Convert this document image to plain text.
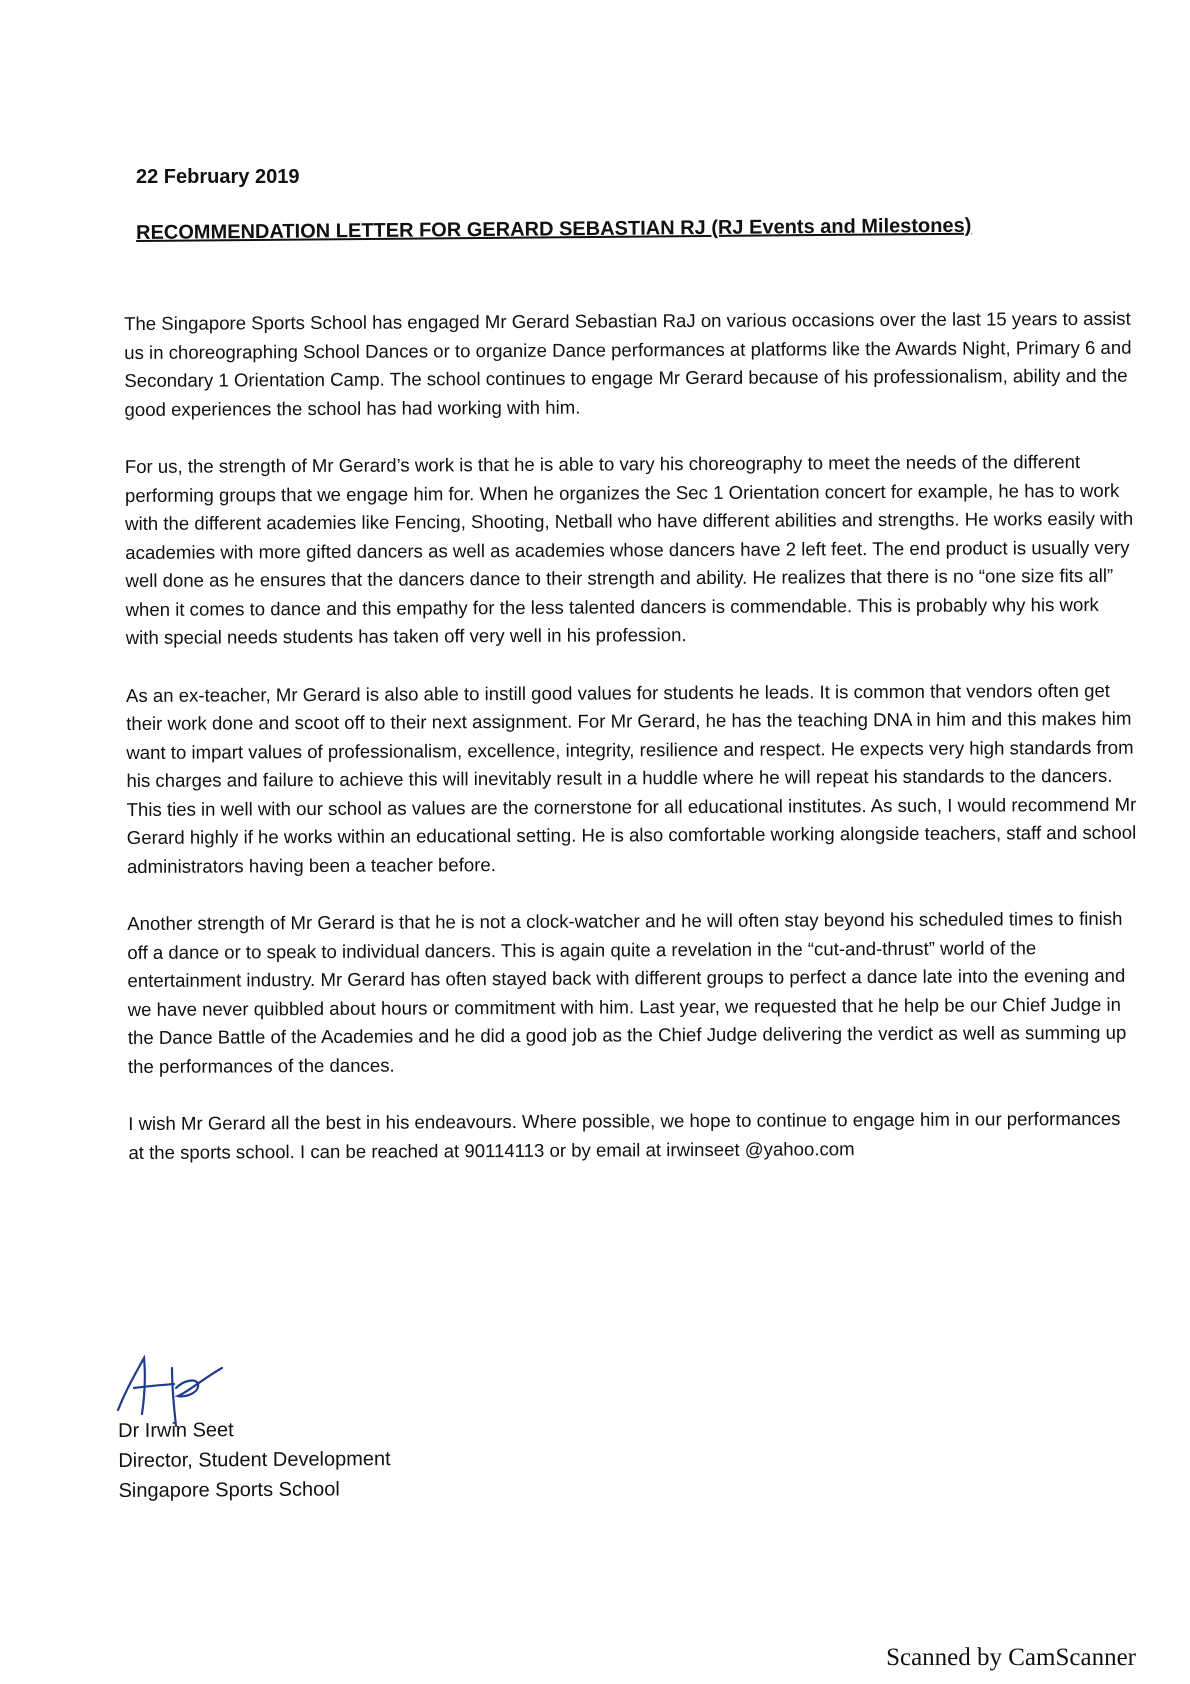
22 February 2019

RECOMMENDATION LETTER FOR GERARD SEBASTIAN RJ (RJ Events and Milestones)

The Singapore Sports School has engaged Mr Gerard Sebastian RaJ on various occasions over the last 15 years to assist us in choreographing School Dances or to organize Dance performances at platforms like the Awards Night, Primary 6 and Secondary 1 Orientation Camp. The school continues to engage Mr Gerard because of his professionalism, ability and the good experiences the school has had working with him.

For us, the strength of Mr Gerard’s work is that he is able to vary his choreography to meet the needs of the different performing groups that we engage him for. When he organizes the Sec 1 Orientation concert for example, he has to work with the different academies like Fencing, Shooting, Netball who have different abilities and strengths. He works easily with academies with more gifted dancers as well as academies whose dancers have 2 left feet. The end product is usually very well done as he ensures that the dancers dance to their strength and ability. He realizes that there is no “one size fits all” when it comes to dance and this empathy for the less talented dancers is commendable. This is probably why his work with special needs students has taken off very well in his profession.

As an ex-teacher, Mr Gerard is also able to instill good values for students he leads. It is common that vendors often get their work done and scoot off to their next assignment. For Mr Gerard, he has the teaching DNA in him and this makes him want to impart values of professionalism, excellence, integrity, resilience and respect. He expects very high standards from his charges and failure to achieve this will inevitably result in a huddle where he will repeat his standards to the dancers. This ties in well with our school as values are the cornerstone for all educational institutes. As such, I would recommend Mr Gerard highly if he works within an educational setting. He is also comfortable working alongside teachers, staff and school administrators having been a teacher before.

Another strength of Mr Gerard is that he is not a clock-watcher and he will often stay beyond his scheduled times to finish off a dance or to speak to individual dancers. This is again quite a revelation in the “cut-and-thrust” world of the entertainment industry. Mr Gerard has often stayed back with different groups to perfect a dance late into the evening and we have never quibbled about hours or commitment with him. Last year, we requested that he help be our Chief Judge in the Dance Battle of the Academies and he did a good job as the Chief Judge delivering the verdict as well as summing up the performances of the dances.

I wish Mr Gerard all the best in his endeavours. Where possible, we hope to continue to engage him in our performances at the sports school. I can be reached at 90114113 or by email at irwinseet @yahoo.com

Dr Irwin Seet
Director, Student Development
Singapore Sports School
Scanned by CamScanner
